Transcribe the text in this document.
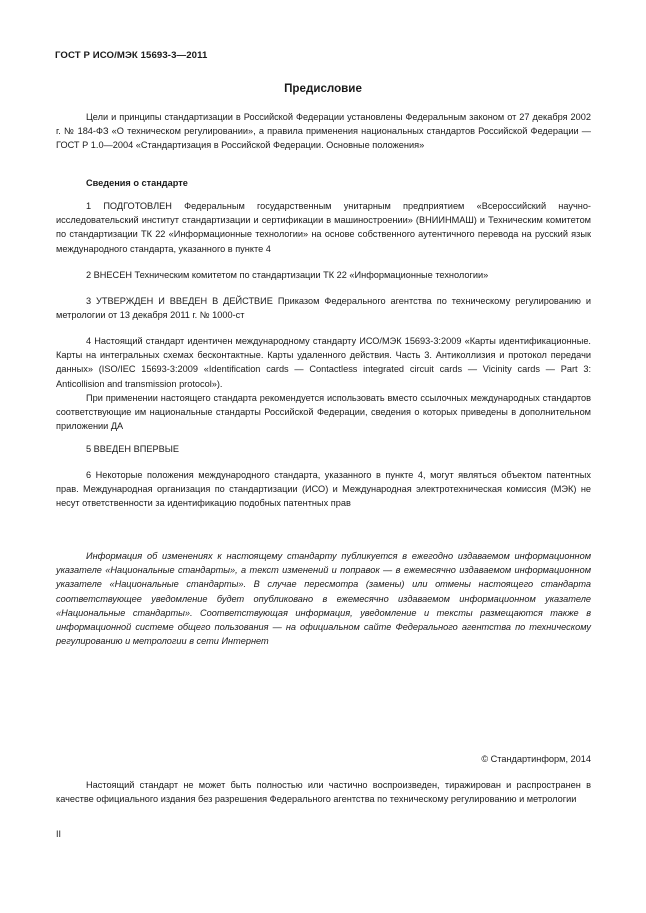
ГОСТ Р ИСО/МЭК 15693-3—2011
Предисловие

Цели и принципы стандартизации в Российской Федерации установлены Федеральным законом от 27 декабря 2002 г. № 184-ФЗ «О техническом регулировании», а правила применения национальных стандартов Российской Федерации — ГОСТ Р 1.0—2004 «Стандартизация в Российской Федерации. Основные положения»

Сведения о стандарте

1 ПОДГОТОВЛЕН Федеральным государственным унитарным предприятием «Всероссийский научно-исследовательский институт стандартизации и сертификации в машиностроении» (ВНИИНМАШ) и Техническим комитетом по стандартизации ТК 22 «Информационные технологии» на основе собственного аутентичного перевода на русский язык международного стандарта, указанного в пункте 4

2 ВНЕСЕН Техническим комитетом по стандартизации ТК 22 «Информационные технологии»

3 УТВЕРЖДЕН И ВВЕДЕН В ДЕЙСТВИЕ Приказом Федерального агентства по техническому регулированию и метрологии от 13 декабря 2011 г. № 1000-ст

4 Настоящий стандарт идентичен международному стандарту ИСО/МЭК 15693-3:2009 «Карты идентификационные. Карты на интегральных схемах бесконтактные. Карты удаленного действия. Часть 3. Антиколлизия и протокол передачи данных» (ISO/IEC 15693-3:2009 «Identification cards — Contactless integrated circuit cards — Vicinity cards — Part 3: Anticollision and transmission protocol»).

При применении настоящего стандарта рекомендуется использовать вместо ссылочных международных стандартов соответствующие им национальные стандарты Российской Федерации, сведения о которых приведены в дополнительном приложении ДА

5 ВВЕДЕН ВПЕРВЫЕ

6 Некоторые положения международного стандарта, указанного в пункте 4, могут являться объектом патентных прав. Международная организация по стандартизации (ИСО) и Международная электротехническая комиссия (МЭК) не несут ответственности за идентификацию подобных патентных прав

Информация об изменениях к настоящему стандарту публикуется в ежегодно издаваемом информационном указателе «Национальные стандарты», а текст изменений и поправок — в ежемесячно издаваемом информационном указателе «Национальные стандарты». В случае пересмотра (замены) или отмены настоящего стандарта соответствующее уведомление будет опубликовано в ежемесячно издаваемом информационном указателе «Национальные стандарты». Соответствующая информация, уведомление и тексты размещаются также в информационной системе общего пользования — на официальном сайте Федерального агентства по техническому регулированию и метрологии в сети Интернет

© Стандартинформ, 2014

Настоящий стандарт не может быть полностью или частично воспроизведен, тиражирован и распространен в качестве официального издания без разрешения Федерального агентства по техническому регулированию и метрологии

II
